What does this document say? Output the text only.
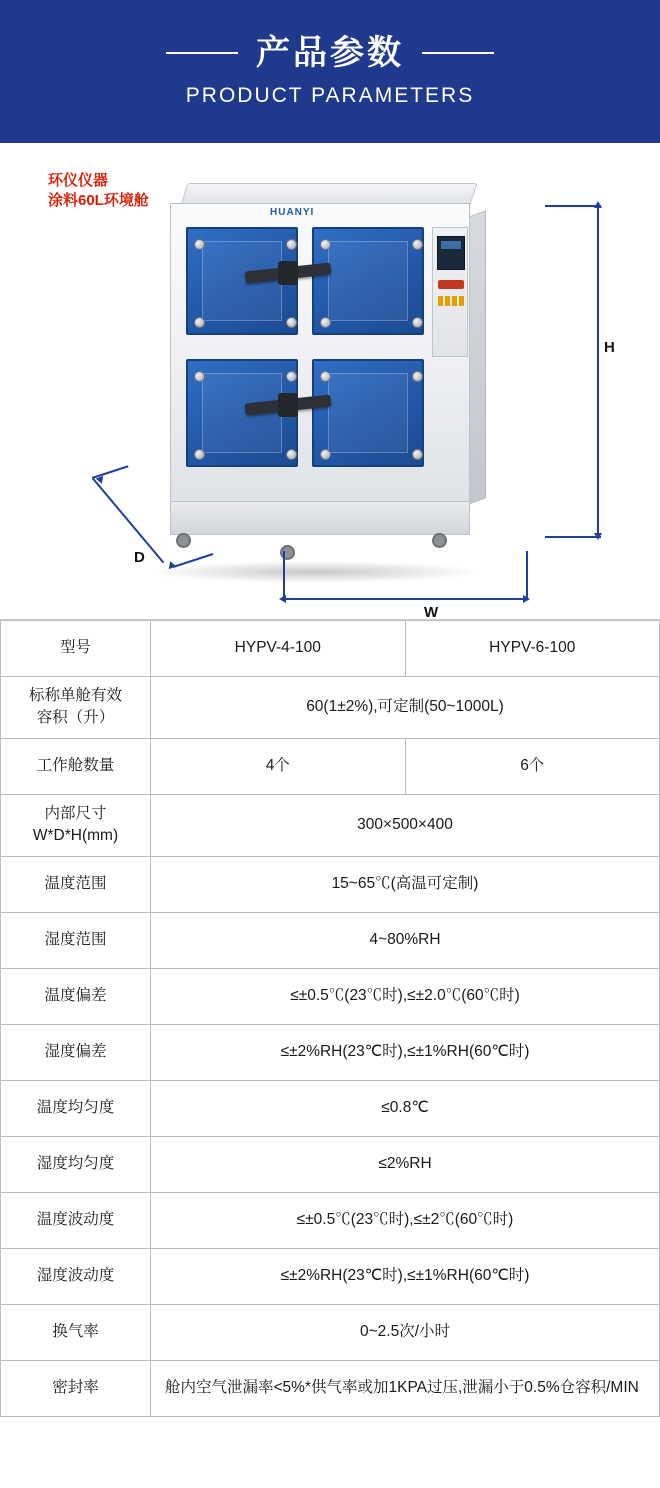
产品参数
PRODUCT PARAMETERS
环仪仪器
涂料60L环境舱
HUANYI
H
W
D
型号	HYPV-4-100	HYPV-6-100

标称单舱有效
容积（升）	60(1±2%),可定制(50~1000L)	
工作舱数量	4个	6个

内部尺寸
W*D*H(mm)	300×500×400	
温度范围	15~65℃(高温可定制)	
湿度范围	4~80%RH	
温度偏差	≤±0.5℃(23℃时),≤±2.0℃(60℃时)	
湿度偏差	≤±2%RH(23℃时),≤±1%RH(60℃时)	
温度均匀度	≤0.8℃	
湿度均匀度	≤2%RH	
温度波动度	≤±0.5℃(23℃时),≤±2℃(60℃时)	
湿度波动度	≤±2%RH(23℃时),≤±1%RH(60℃时)	
换气率	0~2.5次/小时	
密封率	舱内空气泄漏率<5%*供气率或加1KPA过压,泄漏小于0.5%仓容积/MIN	
